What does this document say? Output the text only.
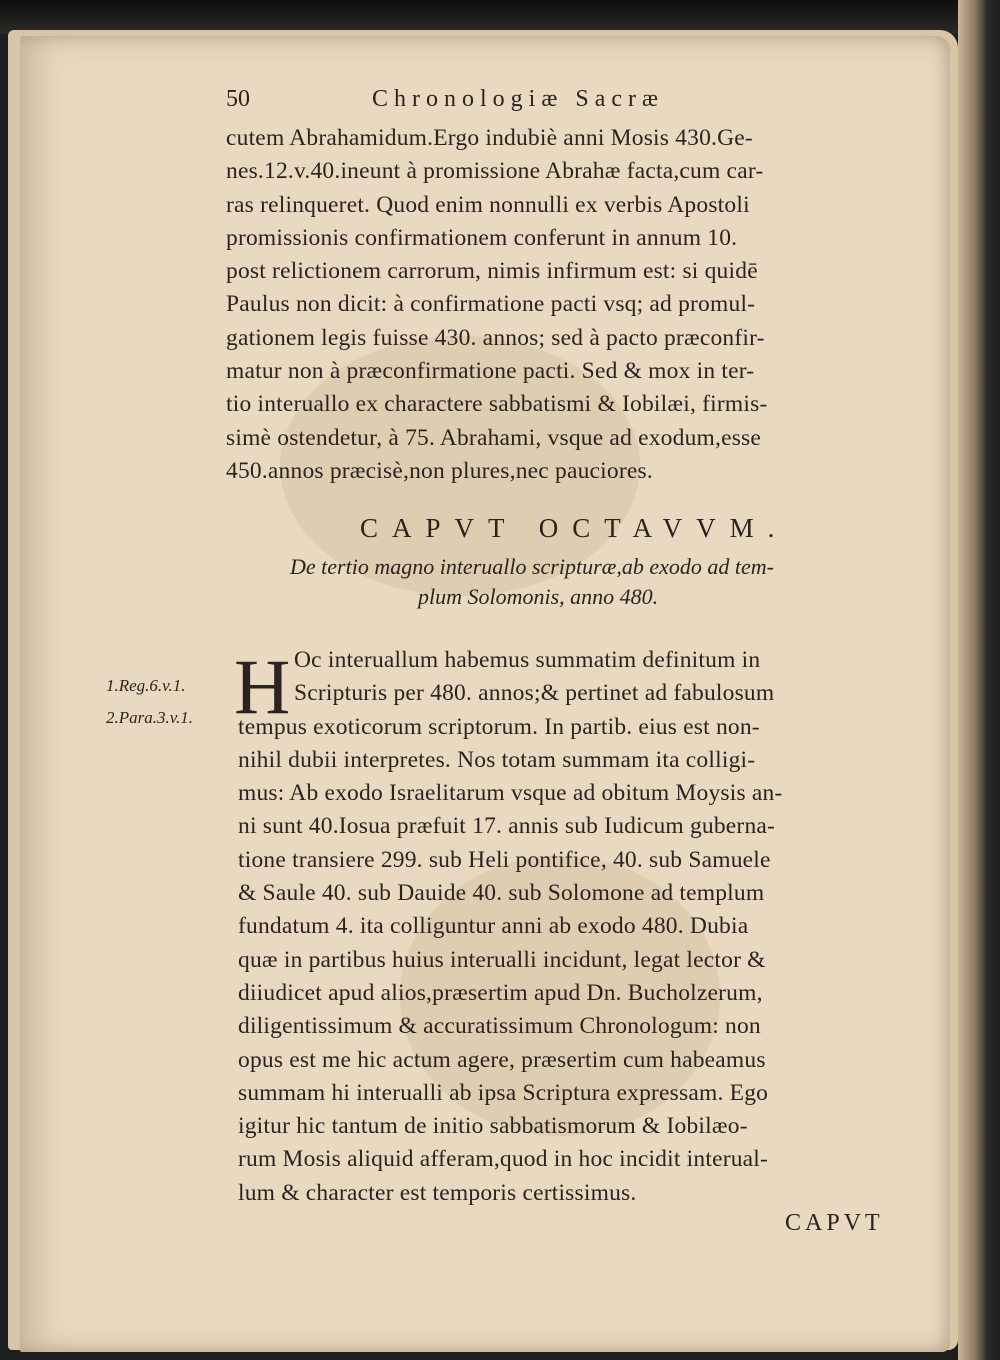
50	Chronologiæ Sacræ
cutem Abrahamidum.Ergo indubiè anni Mosis 430.Ge-
nes.12.v.40.ineunt à promissione Abrahæ facta,cum car-
ras relinqueret. Quod enim nonnulli ex verbis Apostoli
promissionis confirmationem conferunt in annum 10.
post relictionem carrorum, nimis infirmum est: si quidē
Paulus non dicit: à confirmatione pacti vsq; ad promul-
gationem legis fuisse 430. annos; sed à pacto præconfir-
matur non à præconfirmatione pacti. Sed & mox in ter-
tio interuallo ex charactere sabbatismi & Iobilæi, firmis-
simè ostendetur, à 75. Abrahami, vsque ad exodum,esse
450.annos præcisè,non plures,nec pauciores.
CAPVT OCTAVVM.
De tertio magno interuallo scripturæ,ab exodo ad tem-
plum Solomonis, anno 480.
1.Reg.6.v.1.
2.Para.3.v.1. H Oc interuallum habemus summatim definitum in
Scripturis per 480. annos;& pertinet ad fabulosum
tempus exoticorum scriptorum. In partib. eius est non-
nihil dubii interpretes. Nos totam summam ita colligi-
mus: Ab exodo Israelitarum vsque ad obitum Moysis an-
ni sunt 40.Iosua præfuit 17. annis sub Iudicum guberna-
tione transiere 299. sub Heli pontifice, 40. sub Samuele
& Saule 40. sub Dauide 40. sub Solomone ad templum
fundatum 4. ita colliguntur anni ab exodo 480. Dubia
quæ in partibus huius interualli incidunt, legat lector &
diiudicet apud alios,præsertim apud Dn. Bucholzerum,
diligentissimum & accuratissimum Chronologum: non
opus est me hic actum agere, præsertim cum habeamus
summam hi interualli ab ipsa Scriptura expressam. Ego
igitur hic tantum de initio sabbatismorum & Iobilæo-
rum Mosis aliquid afferam,quod in hoc incidit interual-
lum & character est temporis certissimus.
CAPVT
